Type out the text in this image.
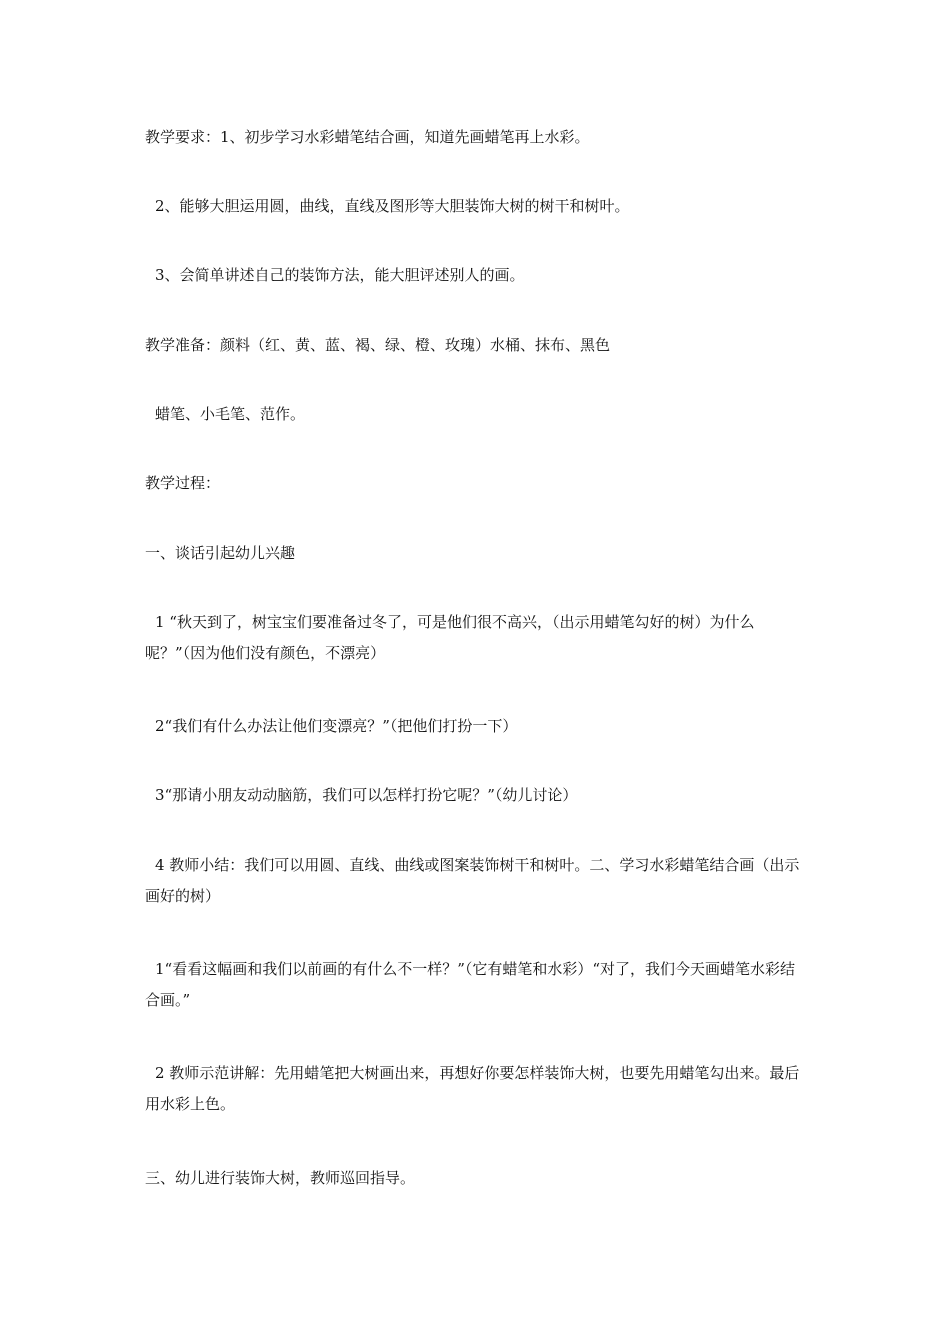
教学要求：1、初步学习水彩蜡笔结合画，知道先画蜡笔再上水彩。

2、能够大胆运用圆，曲线，直线及图形等大胆装饰大树的树干和树叶。

3、会简单讲述自己的装饰方法，能大胆评述别人的画。

教学准备：颜料（红、黄、蓝、褐、绿、橙、玫瑰）水桶、抹布、黑色

蜡笔、小毛笔、范作。

教学过程：

一、谈话引起幼儿兴趣

1 “秋天到了，树宝宝们要准备过冬了，可是他们很不高兴，（出示用蜡笔勾好的树）为什么呢？”（因为他们没有颜色，不漂亮）

2“我们有什么办法让他们变漂亮？”（把他们打扮一下）

3“那请小朋友动动脑筋，我们可以怎样打扮它呢？”（幼儿讨论）

4 教师小结：我们可以用圆、直线、曲线或图案装饰树干和树叶。二、学习水彩蜡笔结合画（出示画好的树）

1“看看这幅画和我们以前画的有什么不一样？”（它有蜡笔和水彩）“对了，我们今天画蜡笔水彩结合画。”

2 教师示范讲解：先用蜡笔把大树画出来，再想好你要怎样装饰大树，也要先用蜡笔勾出来。最后用水彩上色。

三、幼儿进行装饰大树，教师巡回指导。
